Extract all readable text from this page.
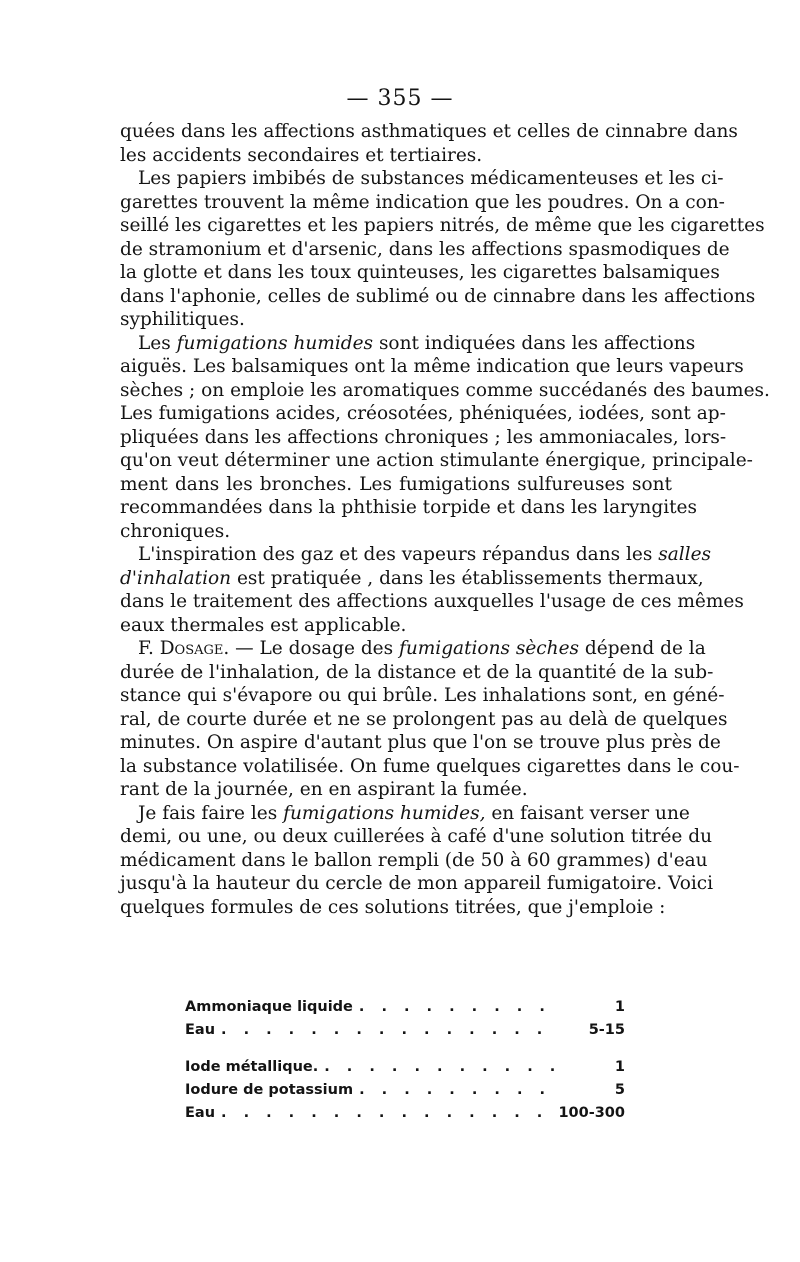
— 355 —
quées dans les affections asthmatiques et celles de cinnabre dans
les accidents secondaires et tertiaires.
Les papiers imbibés de substances médicamenteuses et les ci-
garettes trouvent la même indication que les poudres. On a con-
seillé les cigarettes et les papiers nitrés, de même que les cigarettes
de stramonium et d'arsenic, dans les affections spasmodiques de
la glotte et dans les toux quinteuses, les cigarettes balsamiques
dans l'aphonie, celles de sublimé ou de cinnabre dans les affections
syphilitiques.
Les fumigations humides sont indiquées dans les affections
aiguës. Les balsamiques ont la même indication que leurs vapeurs
sèches ; on emploie les aromatiques comme succédanés des baumes.
Les fumigations acides, créosotées, phéniquées, iodées, sont ap-
pliquées dans les affections chroniques ; les ammoniacales, lors-
qu'on veut déterminer une action stimulante énergique, principale-
ment dans les bronches. Les fumigations sulfureuses sont
recommandées dans la phthisie torpide et dans les laryngites
chroniques.
L'inspiration des gaz et des vapeurs répandus dans les salles
d'inhalation est pratiquée , dans les établissements thermaux,
dans le traitement des affections auxquelles l'usage de ces mêmes
eaux thermales est applicable.
F. Dosage. — Le dosage des fumigations sèches dépend de la
durée de l'inhalation, de la distance et de la quantité de la sub-
stance qui s'évapore ou qui brûle. Les inhalations sont, en géné-
ral, de courte durée et ne se prolongent pas au delà de quelques
minutes. On aspire d'autant plus que l'on se trouve plus près de
la substance volatilisée. On fume quelques cigarettes dans le cou-
rant de la journée, en en aspirant la fumée.
Je fais faire les fumigations humides, en faisant verser une
demi, ou une, ou deux cuillerées à café d'une solution titrée du
médicament dans le ballon rempli (de 50 à 60 grammes) d'eau
jusqu'à la hauteur du cercle de mon appareil fumigatoire. Voici
quelques formules de ces solutions titrées, que j'emploie :
Ammoniaque liquide . . .	1
Eau . . .	5-15
Iode métallique. . . .	1
Iodure de potassium . . .	5
Eau . . .	100-300
